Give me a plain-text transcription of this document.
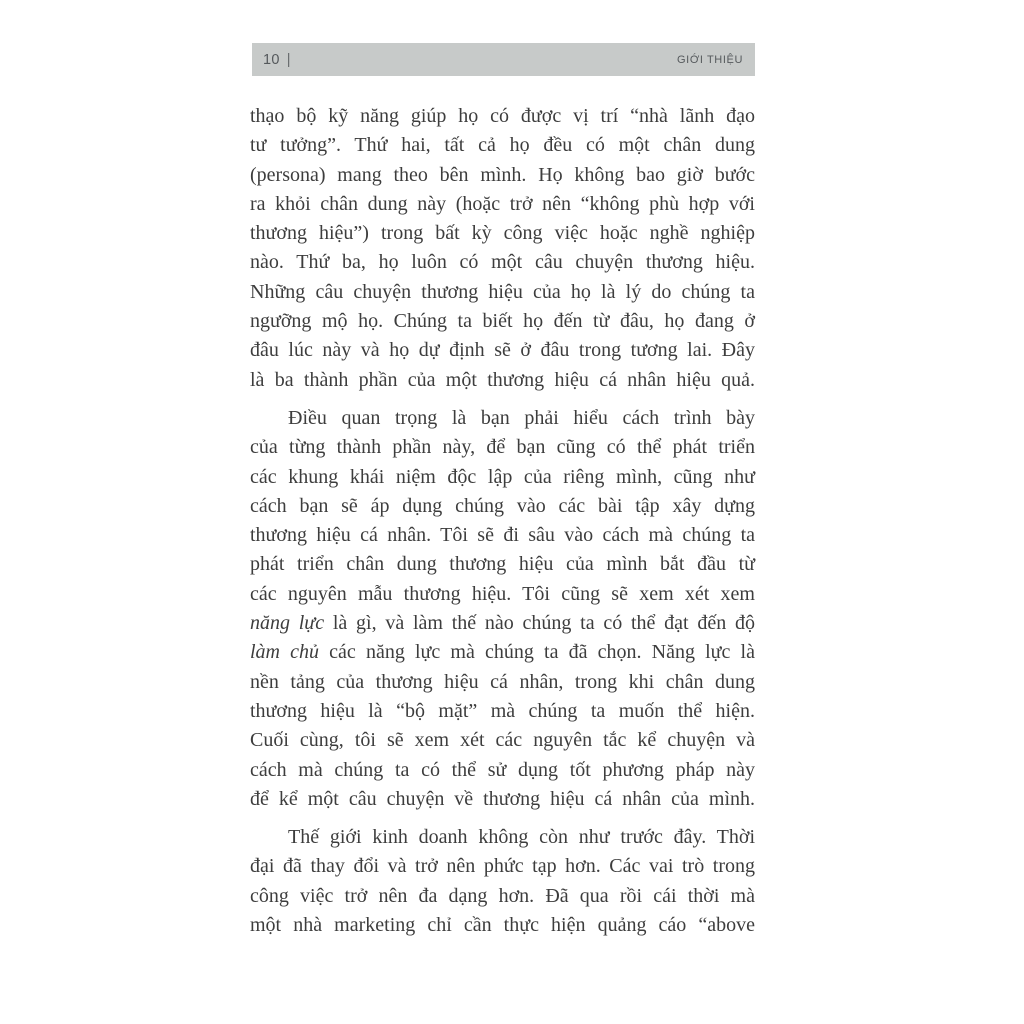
10 |	GIỚI THIỆU
thạo bộ kỹ năng giúp họ có được vị trí “nhà lãnh đạo
tư tưởng”. Thứ hai, tất cả họ đều có một chân dung
(persona) mang theo bên mình. Họ không bao giờ bước
ra khỏi chân dung này (hoặc trở nên “không phù hợp với
thương hiệu”) trong bất kỳ công việc hoặc nghề nghiệp
nào. Thứ ba, họ luôn có một câu chuyện thương hiệu.
Những câu chuyện thương hiệu của họ là lý do chúng ta
ngưỡng mộ họ. Chúng ta biết họ đến từ đâu, họ đang ở
đâu lúc này và họ dự định sẽ ở đâu trong tương lai. Đây
là ba thành phần của một thương hiệu cá nhân hiệu quả.
Điều quan trọng là bạn phải hiểu cách trình bày
của từng thành phần này, để bạn cũng có thể phát triển
các khung khái niệm độc lập của riêng mình, cũng như
cách bạn sẽ áp dụng chúng vào các bài tập xây dựng
thương hiệu cá nhân. Tôi sẽ đi sâu vào cách mà chúng ta
phát triển chân dung thương hiệu của mình bắt đầu từ
các nguyên mẫu thương hiệu. Tôi cũng sẽ xem xét xem
năng lực là gì, và làm thế nào chúng ta có thể đạt đến độ
làm chủ các năng lực mà chúng ta đã chọn. Năng lực là
nền tảng của thương hiệu cá nhân, trong khi chân dung
thương hiệu là “bộ mặt” mà chúng ta muốn thể hiện.
Cuối cùng, tôi sẽ xem xét các nguyên tắc kể chuyện và
cách mà chúng ta có thể sử dụng tốt phương pháp này
để kể một câu chuyện về thương hiệu cá nhân của mình.
Thế giới kinh doanh không còn như trước đây. Thời
đại đã thay đổi và trở nên phức tạp hơn. Các vai trò trong
công việc trở nên đa dạng hơn. Đã qua rồi cái thời mà
một nhà marketing chỉ cần thực hiện quảng cáo “above
